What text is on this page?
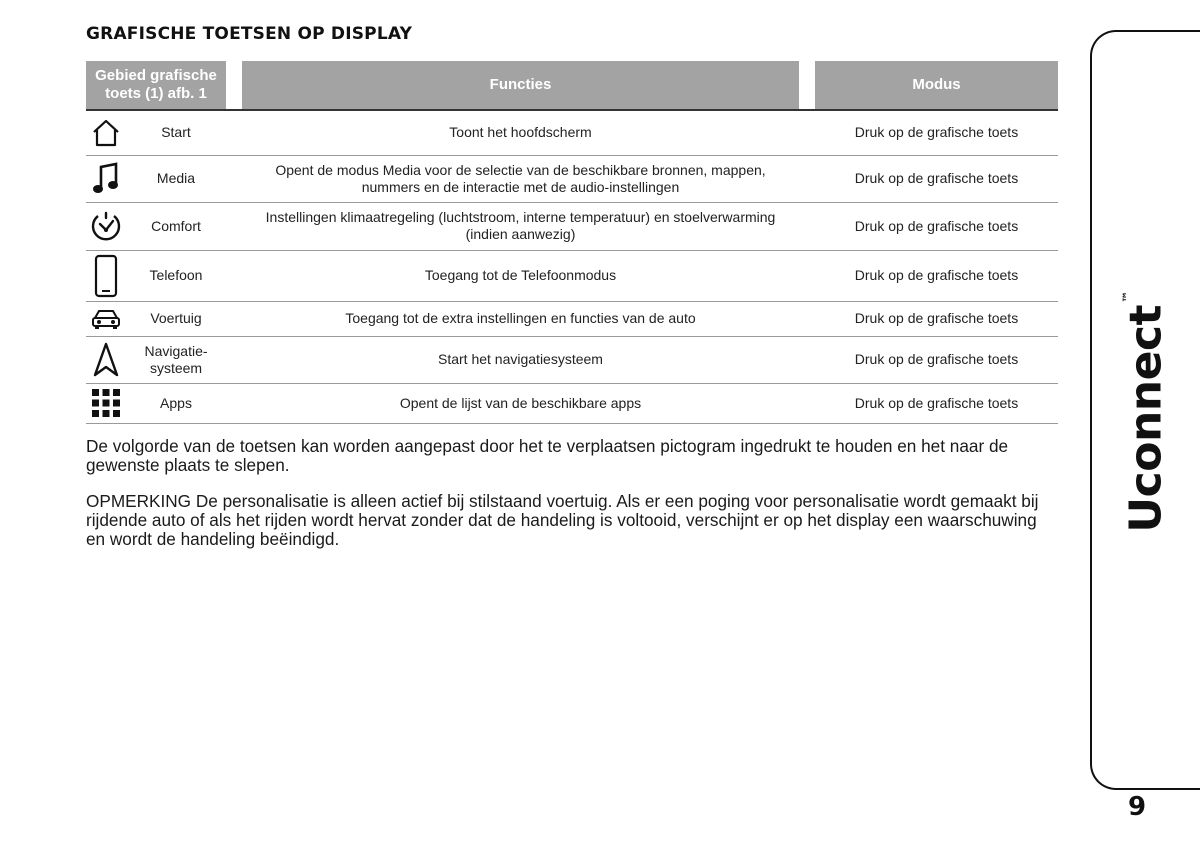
GRAFISCHE TOETSEN OP DISPLAY
Gebied grafische toets (1) afb. 1		Functies		Modus

Start		Toont het hoofdscherm		Druk op de grafische toets

Media		Opent de modus Media voor de selectie van de beschikbare bronnen, mappen, nummers en de interactie met de audio-instellingen		Druk op de grafische toets

Comfort		Instellingen klimaatregeling (luchtstroom, interne temperatuur) en stoelverwarming (indien aanwezig)		Druk op de grafische toets

Telefoon		Toegang tot de Telefoonmodus		Druk op de grafische toets

Voertuig		Toegang tot de extra instellingen en functies van de auto		Druk op de grafische toets

Navigatie-systeem		Start het navigatiesysteem		Druk op de grafische toets

Apps		Opent de lijst van de beschikbare apps		Druk op de grafische toets

De volgorde van de toetsen kan worden aangepast door het te verplaatsen pictogram ingedrukt te houden en het naar de gewenste plaats te slepen.

OPMERKING De personalisatie is alleen actief bij stilstaand voertuig. Als er een poging voor personalisatie wordt gemaakt bij rijdende auto of als het rijden wordt hervat zonder dat de handeling is voltooid, verschijnt er op het display een waarschuwing en wordt de handeling beëindigd.

Uconnect™
9
